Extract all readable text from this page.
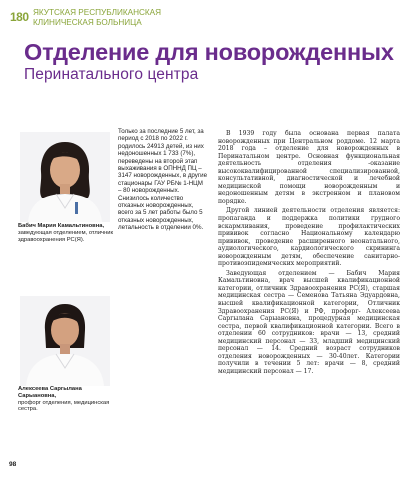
180 ЯКУТСКАЯ РЕСПУБЛИКАНСКАЯ
КЛИНИЧЕСКАЯ БОЛЬНИЦА
Отделение для новорожденных
Перинатального центра
Бабич Мария Камальтиновна,
заведующая отделением, отличник здравоохранения РС(Я).
Алексеева Саргылана Сарыановна,
профорг отделения, медицинская сестра.
Только за последние 5 лет, за период с 2018 по 2022 г. родилось 24913 детей, из них недоношенных 1 733 (7%), переведены на второй этап выхаживания в ОПННД ПЦ – 3147 новорожденных, в другие стационары ГАУ РБ№ 1-НЦМ – 80 новорожденных. Снизилось количество отказных новорожденных, всего за 5 лет работы было 5 отказных новорожденных, летальность в отделении 0%.

В 1939 году была основана первая палата новорожденных при Центральном роддоме. 12 марта 2018 года – отделение для новорожденных в Перинатальном центре. Основная функциональная деятельность отделения -оказание высококвалифицированной специализированной, консультативной, диагностической и лечебной медицинской помощи новорожденным и недоношенным детям в экстренном и плановом порядке.

Другой линией деятельности отделения является: пропаганда и поддержка политики грудного вскармливания, проведение профилактических прививок согласно Национальному календарю прививок, проведение расширенного неонатального, аудиологического, кардиологического скрининга новорожденным детям, обеспечение санитарно-противоэпидемических мероприятий.

Заведующая отделением — Бабич Мария Камальтиновна, врач высшей квалификационной категории, отличник Здравоохранения РС(Я), старшая медицинская сестра — Семенова Татьяна Эдуардовна, высшей квалификационной категории, Отличник Здравоохранения РС(Я) и РФ, профорг- Алексеева Саргылана Сарыановна, процедурная медицинская сестра, первой квалификационной категории. Всего в отделении 60 сотрудников: врачи — 13, средний медицинский персонал — 33, младший медицинский персонал — 14. Средний возраст сотрудников отделения новорожденных — 30-40лет. Категории получили в течении 5 лет: врачи — 8, средний медицинский персонал — 17.

98
